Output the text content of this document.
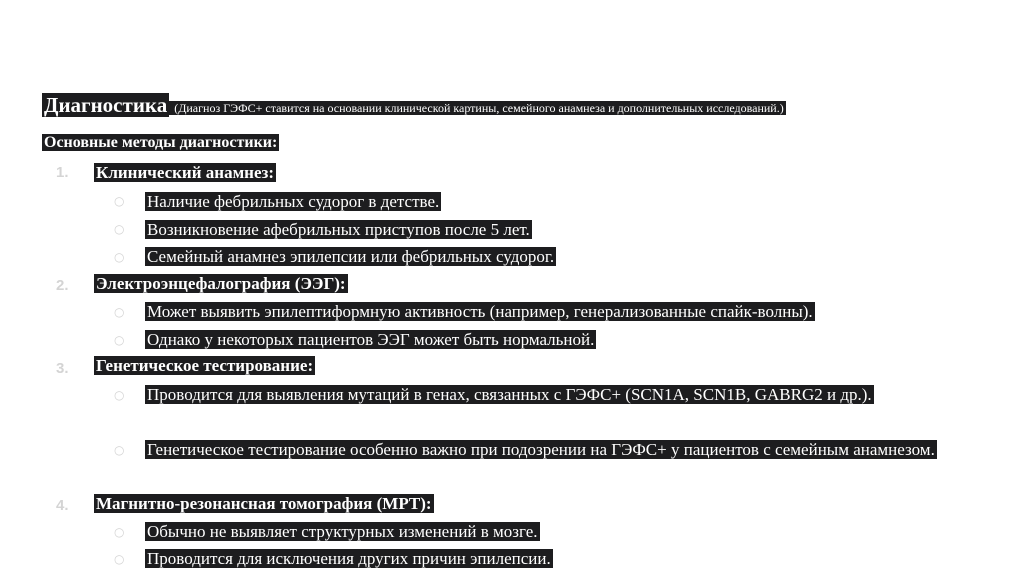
Диагностика (Диагноз ГЭФС+ ставится на основании клинической картины, семейного анамнеза и дополнительных исследований.)
Основные методы диагностики:
1.	Клинический анамнез:
○ Наличие фебрильных судорог в детстве.
○ Возникновение афебрильных приступов после 5 лет.
○ Семейный анамнез эпилепсии или фебрильных судорог.
2.	Электроэнцефалография (ЭЭГ):
○ Может выявить эпилептиформную активность (например, генерализованные спайк-волны).
○ Однако у некоторых пациентов ЭЭГ может быть нормальной.
3.	Генетическое тестирование:
○ Проводится для выявления мутаций в генах, связанных с ГЭФС+ (SCN1A, SCN1B, GABRG2 и др.).
○ Генетическое тестирование особенно важно при подозрении на ГЭФС+ у пациентов с семейным анамнезом.
4.	Магнитно-резонансная томография (МРТ):
○ Обычно не выявляет структурных изменений в мозге.
○ Проводится для исключения других причин эпилепсии.
